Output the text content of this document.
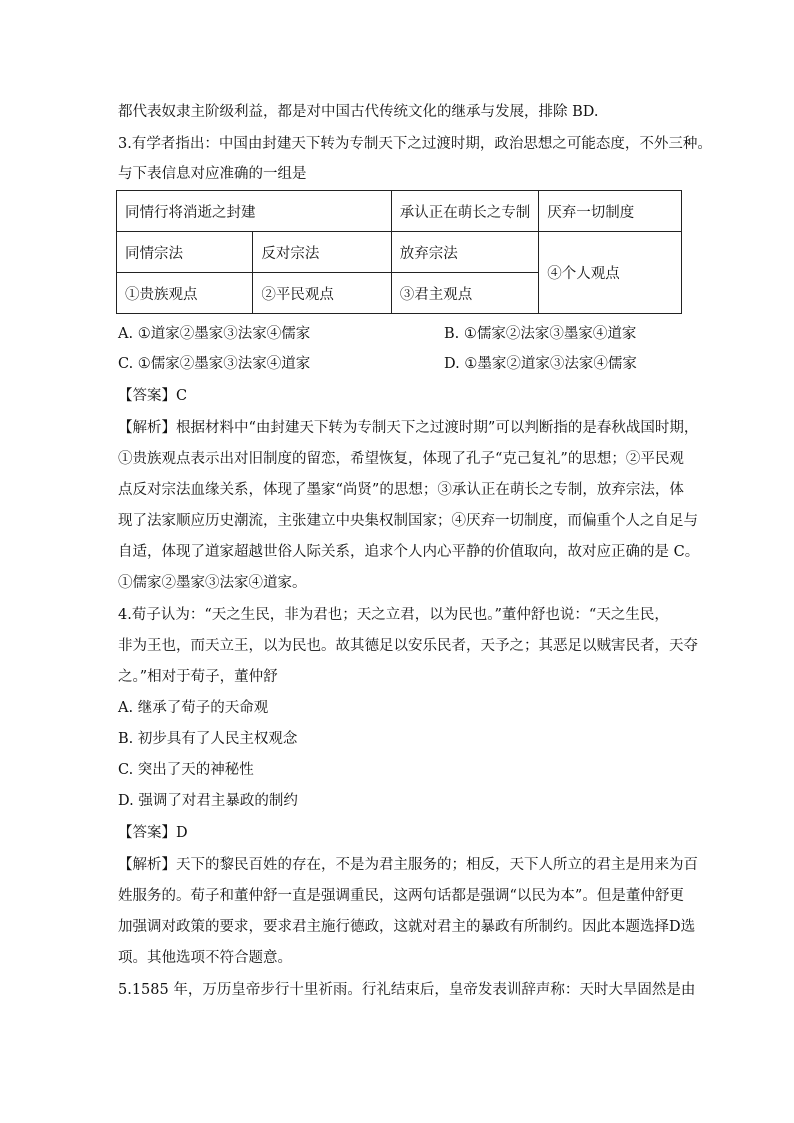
都代表奴隶主阶级利益，都是对中国古代传统文化的继承与发展，排除 BD.
3.有学者指出：中国由封建天下转为专制天下之过渡时期，政治思想之可能态度，不外三种。
与下表信息对应准确的一组是
同情行将消逝之封建		承认正在萌长之专制	厌弃一切制度
同情宗法	反对宗法	放弃宗法	④个人观点
①贵族观点	②平民观点	③君主观点	
A. ①道家②墨家③法家④儒家	B. ①儒家②法家③墨家④道家
C. ①儒家②墨家③法家④道家	D. ①墨家②道家③法家④儒家
【答案】C
【解析】根据材料中“由封建天下转为专制天下之过渡时期”可以判断指的是春秋战国时期，
①贵族观点表示出对旧制度的留恋，希望恢复，体现了孔子“克己复礼”的思想；②平民观
点反对宗法血缘关系，体现了墨家“尚贤”的思想；③承认正在萌长之专制，放弃宗法，体
现了法家顺应历史潮流，主张建立中央集权制国家；④厌弃一切制度，而偏重个人之自足与
自适，体现了道家超越世俗人际关系，追求个人内心平静的价值取向，故对应正确的是 C。
①儒家②墨家③法家④道家。
4.荀子认为：“天之生民，非为君也；天之立君，以为民也。”董仲舒也说：“天之生民，
非为王也，而天立王，以为民也。故其德足以安乐民者，天予之；其恶足以贼害民者，天夺
之。”相对于荀子，董仲舒
A. 继承了荀子的天命观
B. 初步具有了人民主权观念
C. 突出了天的神秘性
D. 强调了对君主暴政的制约
【答案】D
【解析】天下的黎民百姓的存在，不是为君主服务的；相反，天下人所立的君主是用来为百
姓服务的。荀子和董仲舒一直是强调重民，这两句话都是强调“以民为本”。但是董仲舒更
加强调对政策的要求，要求君主施行德政，这就对君主的暴政有所制约。因此本题选择D选
项。其他选项不符合题意。
5.1585 年，万历皇帝步行十里祈雨。行礼结束后，皇帝发表训辞声称：天时大旱固然是由
